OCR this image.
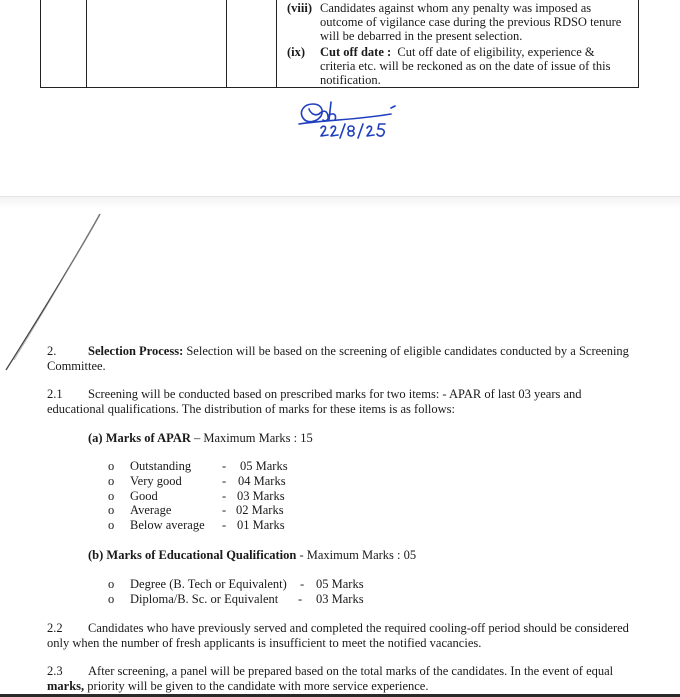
(viii) Candidates against whom any penalty was imposed as
outcome of vigilance case during the previous RDSO tenure
will be debarred in the present selection.
(ix) Cut off date : Cut off date of eligibility, experience &
criteria etc. will be reckoned as on the date of issue of this
notification.
2.	Selection Process: Selection will be based on the screening of eligible candidates conducted by a Screening
Committee.
2.1 Screening will be conducted based on prescribed marks for two items: - APAR of last 03 years and
educational qualifications. The distribution of marks for these items is as follows:
(a) Marks of APAR – Maximum Marks : 15
o Outstanding - 05 Marks
o Very good	- 04 Marks
o Good	- 03 Marks
o Average	- 02 Marks
o Below average - 01 Marks
(b) Marks of Educational Qualification - Maximum Marks : 05
o Degree (B. Tech or Equivalent) - 05 Marks
o Diploma/B. Sc. or Equivalent - 03 Marks
2.2 Candidates who have previously served and completed the required cooling-off period should be considered
only when the number of fresh applicants is insufficient to meet the notified vacancies.
2.3 After screening, a panel will be prepared based on the total marks of the candidates. In the event of equal
marks, priority will be given to the candidate with more service experience.
